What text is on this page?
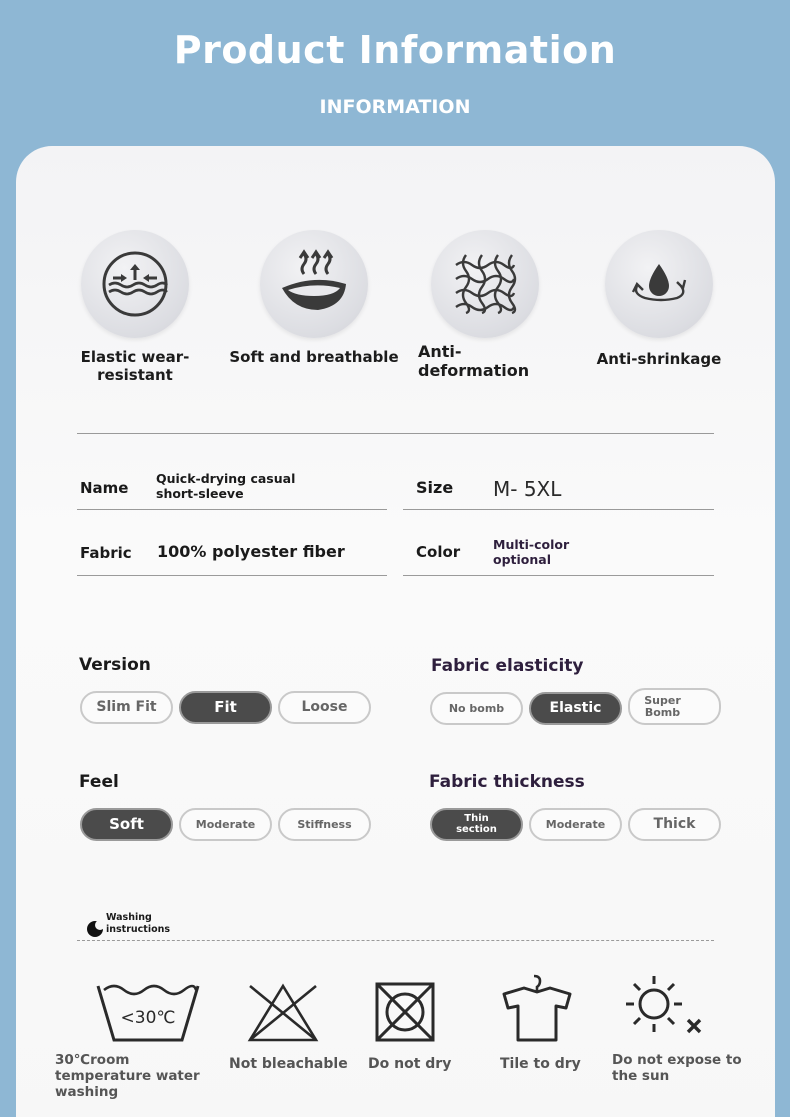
Product Information
INFORMATION
Elastic wear-resistant
Soft and breathable	Anti-deformation
Anti-shrinkage
Name
Quick-drying casual short-sleeve	Size M- 5XL
Fabric 100% polyester fiber	Color	Multi-color optional
Version
Slim Fit	Fit	Loose
Fabric elasticity
No bomb	Elastic	Super Bomb
Feel
Soft	Moderate	Stiffness
Fabric thickness
Thin section	Moderate	Thick
Washing instructions
<30℃
30℃room temperature water washing
Not bleachable Do not dry	Tile to dry Do not expose to the sun
